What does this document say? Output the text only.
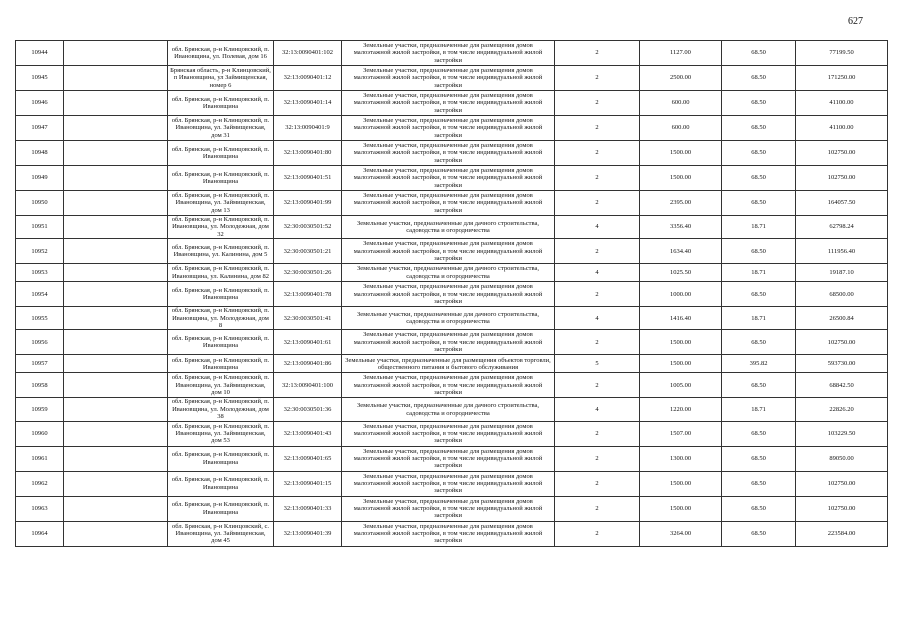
627
10944		обл. Брянская, р-н Клинцовский, п. Ивановщина, ул. Полевая, дом 16	32:13:0090401:102	Земельные участки, предназначенные для размещения домов малоэтажной жилой застройки, в том числе индивидуальной жилой застройки	2	1127.00	68.50	77199.50
10945		Брянская область, р-н Клинцовский, п Ивановщина, ул Займищенская, номер 6	32:13:0090401:12	Земельные участки, предназначенные для размещения домов малоэтажной жилой застройки, в том числе индивидуальной жилой застройки	2	2500.00	68.50	171250.00
10946		обл. Брянская, р-н Клинцовский, п. Ивановщина	32:13:0090401:14	Земельные участки, предназначенные для размещения домов малоэтажной жилой застройки, в том числе индивидуальной жилой застройки	2	600.00	68.50	41100.00
10947		обл. Брянская, р-н Клинцовский, п. Ивановщина, ул. Займищенская, дом 31	32:13:0090401:9	Земельные участки, предназначенные для размещения домов малоэтажной жилой застройки, в том числе индивидуальной жилой застройки	2	600.00	68.50	41100.00
10948		обл. Брянская, р-н Клинцовский, п. Ивановщина	32:13:0090401:80	Земельные участки, предназначенные для размещения домов малоэтажной жилой застройки, в том числе индивидуальной жилой застройки	2	1500.00	68.50	102750.00
10949		обл. Брянская, р-н Клинцовский, п. Ивановщина	32:13:0090401:51	Земельные участки, предназначенные для размещения домов малоэтажной жилой застройки, в том числе индивидуальной жилой застройки	2	1500.00	68.50	102750.00
10950		обл. Брянская, р-н Клинцовский, п. Ивановщина, ул. Займищенская, дом 13	32:13:0090401:99	Земельные участки, предназначенные для размещения домов малоэтажной жилой застройки, в том числе индивидуальной жилой застройки	2	2395.00	68.50	164057.50
10951		обл. Брянская, р-н Клинцовский, п. Ивановщина, ул. Молодежная, дом 32	32:30:0030501:52	Земельные участки, предназначенные для дачного строительства, садоводства и огородничества	4	3356.40	18.71	62798.24
10952		обл. Брянская, р-н Клинцовский, п. Ивановщина, ул. Калинина, дом 5	32:30:0030501:21	Земельные участки, предназначенные для размещения домов малоэтажной жилой застройки, в том числе индивидуальной жилой застройки	2	1634.40	68.50	111956.40
10953		обл. Брянская, р-н Клинцовский, п. Ивановщина, ул. Калинина, дом 82	32:30:0030501:26	Земельные участки, предназначенные для дачного строительства, садоводства и огородничества	4	1025.50	18.71	19187.10
10954		обл. Брянская, р-н Клинцовский, п. Ивановщина	32:13:0090401:78	Земельные участки, предназначенные для размещения домов малоэтажной жилой застройки, в том числе индивидуальной жилой застройки	2	1000.00	68.50	68500.00
10955		обл. Брянская, р-н Клинцовский, п. Ивановщина, ул. Молодежная, дом 8	32:30:0030501:41	Земельные участки, предназначенные для дачного строительства, садоводства и огородничества	4	1416.40	18.71	26500.84
10956		обл. Брянская, р-н Клинцовский, п. Ивановщина	32:13:0090401:61	Земельные участки, предназначенные для размещения домов малоэтажной жилой застройки, в том числе индивидуальной жилой застройки	2	1500.00	68.50	102750.00
10957		обл. Брянская, р-н Клинцовский, п. Ивановщина	32:13:0090401:86	Земельные участки, предназначенные для размещения объектов торговли, общественного питания и бытового обслуживания	5	1500.00	395.82	593730.00
10958		обл. Брянская, р-н Клинцовский, п. Ивановщина, ул. Займищенская, дом 10	32:13:0090401:100	Земельные участки, предназначенные для размещения домов малоэтажной жилой застройки, в том числе индивидуальной жилой застройки	2	1005.00	68.50	68842.50
10959		обл. Брянская, р-н Клинцовский, п. Ивановщина, ул. Молодежная, дом 38	32:30:0030501:36	Земельные участки, предназначенные для дачного строительства, садоводства и огородничества	4	1220.00	18.71	22826.20
10960		обл. Брянская, р-н Клинцовский, п. Ивановщина, ул. Займищенская, дом 53	32:13:0090401:43	Земельные участки, предназначенные для размещения домов малоэтажной жилой застройки, в том числе индивидуальной жилой застройки	2	1507.00	68.50	103229.50
10961		обл. Брянская, р-н Клинцовский, п. Ивановщина	32:13:0090401:65	Земельные участки, предназначенные для размещения домов малоэтажной жилой застройки, в том числе индивидуальной жилой застройки	2	1300.00	68.50	89050.00
10962		обл. Брянская, р-н Клинцовский, п. Ивановщина	32:13:0090401:15	Земельные участки, предназначенные для размещения домов малоэтажной жилой застройки, в том числе индивидуальной жилой застройки	2	1500.00	68.50	102750.00
10963		обл. Брянская, р-н Клинцовский, п. Ивановщина	32:13:0090401:33	Земельные участки, предназначенные для размещения домов малоэтажной жилой застройки, в том числе индивидуальной жилой застройки	2	1500.00	68.50	102750.00
10964		обл. Брянская, р-н Клинцовский, с. Ивановщина, ул. Займищенская, дом 45	32:13:0090401:39	Земельные участки, предназначенные для размещения домов малоэтажной жилой застройки, в том числе индивидуальной жилой застройки	2	3264.00	68.50	223584.00
